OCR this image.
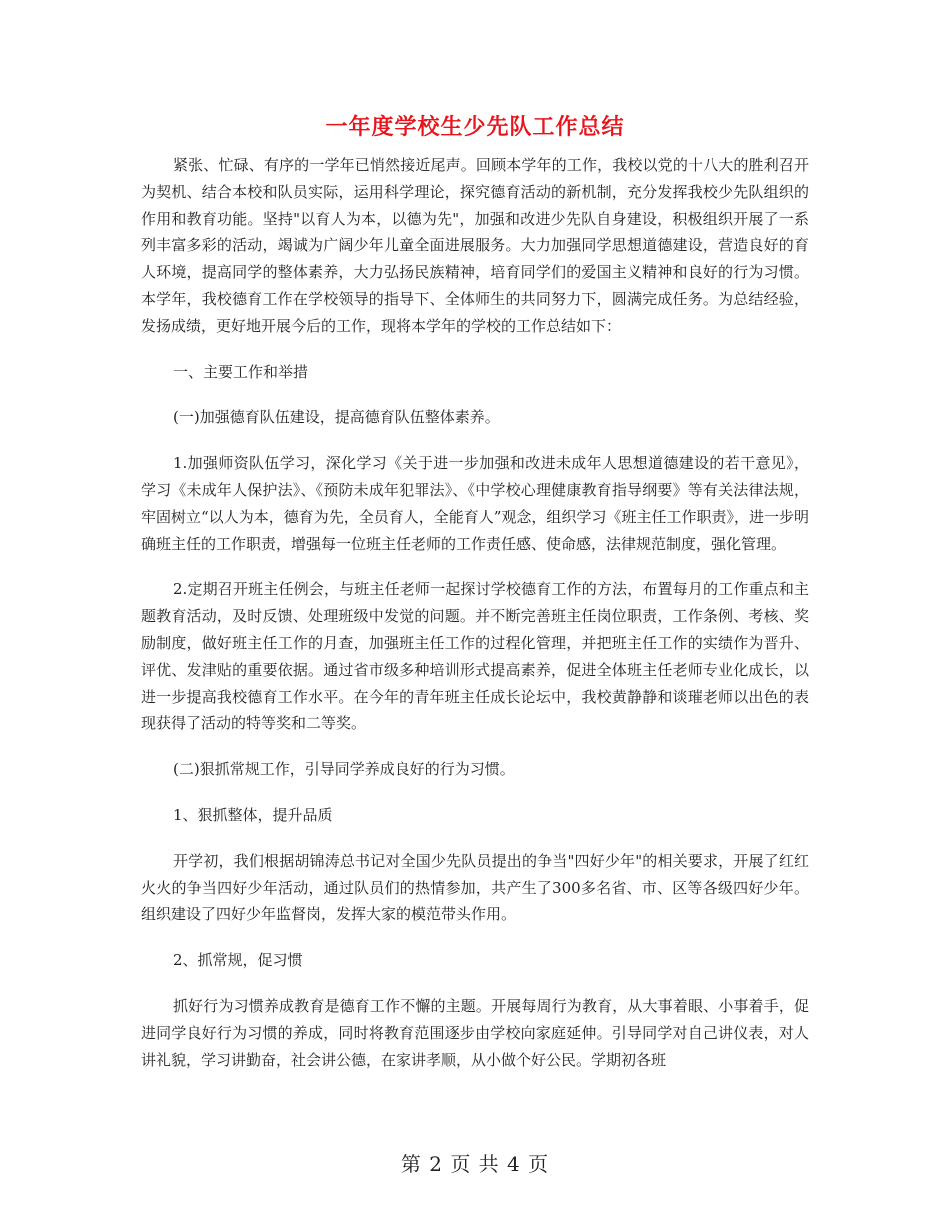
一年度学校生少先队工作总结

紧张、忙碌、有序的一学年已悄然接近尾声。回顾本学年的工作，我校以党的十八大的胜利召开为契机、结合本校和队员实际，运用科学理论，探究德育活动的新机制，充分发挥我校少先队组织的作用和教育功能。坚持"以育人为本，以德为先"，加强和改进少先队自身建设，积极组织开展了一系列丰富多彩的活动，竭诚为广阔少年儿童全面进展服务。大力加强同学思想道德建设，营造良好的育人环境，提高同学的整体素养，大力弘扬民族精神，培育同学们的爱国主义精神和良好的行为习惯。本学年，我校德育工作在学校领导的指导下、全体师生的共同努力下，圆满完成任务。为总结经验，发扬成绩，更好地开展今后的工作，现将本学年的学校的工作总结如下：

一、主要工作和举措

(一)加强德育队伍建设，提高德育队伍整体素养。

1.加强师资队伍学习，深化学习《关于进一步加强和改进未成年人思想道德建设的若干意见》，学习《未成年人保护法》、《预防未成年犯罪法》、《中学校心理健康教育指导纲要》等有关法律法规，牢固树立“以人为本，德育为先，全员育人，全能育人”观念，组织学习《班主任工作职责》，进一步明确班主任的工作职责，增强每一位班主任老师的工作责任感、使命感，法律规范制度，强化管理。

2.定期召开班主任例会，与班主任老师一起探讨学校德育工作的方法，布置每月的工作重点和主题教育活动，及时反馈、处理班级中发觉的问题。并不断完善班主任岗位职责，工作条例、考核、奖励制度，做好班主任工作的月查，加强班主任工作的过程化管理，并把班主任工作的实绩作为晋升、评优、发津贴的重要依据。通过省市级多种培训形式提高素养，促进全体班主任老师专业化成长，以进一步提高我校德育工作水平。在今年的青年班主任成长论坛中，我校黄静静和谈璀老师以出色的表现获得了活动的特等奖和二等奖。

(二)狠抓常规工作，引导同学养成良好的行为习惯。

1、狠抓整体，提升品质

开学初，我们根据胡锦涛总书记对全国少先队员提出的争当"四好少年"的相关要求，开展了红红火火的争当四好少年活动，通过队员们的热情参加，共产生了300多名省、市、区等各级四好少年。组织建设了四好少年监督岗，发挥大家的模范带头作用。

2、抓常规，促习惯

抓好行为习惯养成教育是德育工作不懈的主题。开展每周行为教育，从大事着眼、小事着手，促进同学良好行为习惯的养成，同时将教育范围逐步由学校向家庭延伸。引导同学对自己讲仪表，对人讲礼貌，学习讲勤奋，社会讲公德，在家讲孝顺，从小做个好公民。学期初各班

第 2 页 共 4 页
